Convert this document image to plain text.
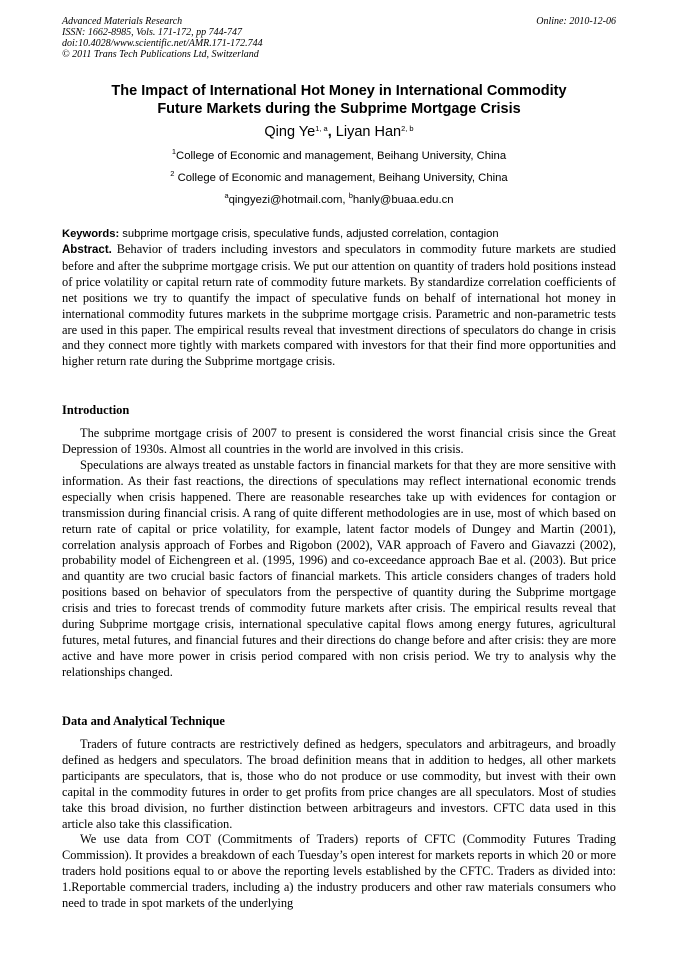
Advanced Materials Research
ISSN: 1662-8985, Vols. 171-172, pp 744-747
doi:10.4028/www.scientific.net/AMR.171-172.744
© 2011 Trans Tech Publications Ltd, Switzerland
Online: 2010-12-06
The Impact of International Hot Money in International Commodity
Future Markets during the Subprime Mortgage Crisis
Qing Ye$^{1, a}$, Liyan Han$^{2, b}$
$^1$College of Economic and management, Beihang University, China
$^2$ College of Economic and management, Beihang University, China
$^a$qingyezi@hotmail.com, $^b$hanly@buaa.edu.cn
Keywords: subprime mortgage crisis, speculative funds, adjusted correlation, contagion
Abstract. Behavior of traders including investors and speculators in commodity future markets are studied before and after the subprime mortgage crisis. We put our attention on quantity of traders hold positions instead of price volatility or capital return rate of commodity future markets. By standardize correlation coefficients of net positions we try to quantify the impact of speculative funds on behalf of international hot money in international commodity futures markets in the subprime mortgage crisis. Parametric and non-parametric tests are used in this paper. The empirical results reveal that investment directions of speculators do change in crisis and they connect more tightly with markets compared with investors for that their find more opportunities and higher return rate during the Subprime mortgage crisis.
Introduction
The subprime mortgage crisis of 2007 to present is considered the worst financial crisis since the Great Depression of 1930s. Almost all countries in the world are involved in this crisis.
Speculations are always treated as unstable factors in financial markets for that they are more sensitive with information. As their fast reactions, the directions of speculations may reflect international economic trends especially when crisis happened. There are reasonable researches take up with evidences for contagion or transmission during financial crisis. A rang of quite different methodologies are in use, most of which based on return rate of capital or price volatility, for example, latent factor models of Dungey and Martin (2001), correlation analysis approach of Forbes and Rigobon (2002), VAR approach of Favero and Giavazzi (2002), probability model of Eichengreen et al. (1995, 1996) and co-exceedance approach Bae et al. (2003). But price and quantity are two crucial basic factors of financial markets. This article considers changes of traders hold positions based on behavior of speculators from the perspective of quantity during the Subprime mortgage crisis and tries to forecast trends of commodity future markets after crisis. The empirical results reveal that during Subprime mortgage crisis, international speculative capital flows among energy futures, agricultural futures, metal futures, and financial futures and their directions do change before and after crisis: they are more active and have more power in crisis period compared with non crisis period. We try to analysis why the relationships changed.
Data and Analytical Technique
Traders of future contracts are restrictively defined as hedgers, speculators and arbitrageurs, and broadly defined as hedgers and speculators. The broad definition means that in addition to hedges, all other markets participants are speculators, that is, those who do not produce or use commodity, but invest with their own capital in the commodity futures in order to get profits from price changes are all speculators. Most of studies take this broad division, no further distinction between arbitrageurs and investors. CFTC data used in this article also take this classification.
We use data from COT (Commitments of Traders) reports of CFTC (Commodity Futures Trading Commission). It provides a breakdown of each Tuesday’s open interest for markets reports in which 20 or more traders hold positions equal to or above the reporting levels established by the CFTC. Traders as divided into: 1.Reportable commercial traders, including a) the industry producers and other raw materials consumers who need to trade in spot markets of the underlying
